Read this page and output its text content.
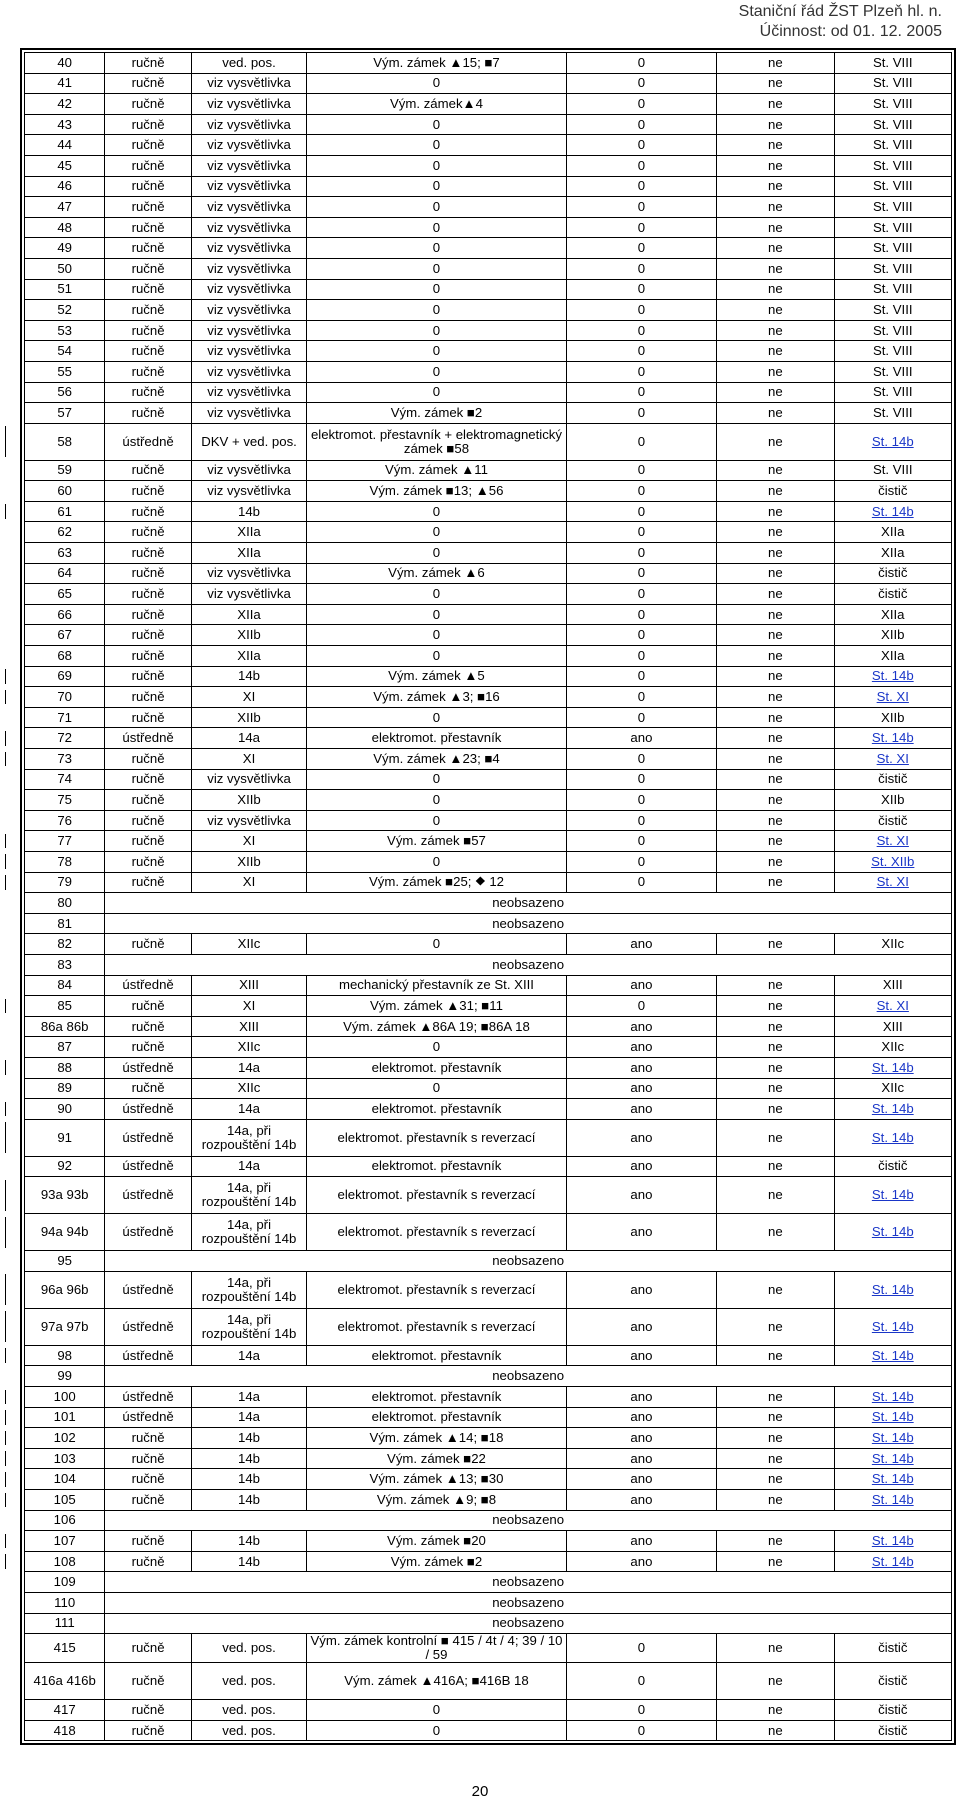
Staniční řád ŽST Plzeň hl. n.
Účinnost: od 01. 12. 2005
40	ručně	ved. pos.	Vým. zámek ▲15; ■7	0	ne	St. VIII
41	ručně	viz vysvětlivka	0	0	ne	St. VIII
42	ručně	viz vysvětlivka	Vým. zámek▲4	0	ne	St. VIII
43	ručně	viz vysvětlivka	0	0	ne	St. VIII
44	ručně	viz vysvětlivka	0	0	ne	St. VIII
45	ručně	viz vysvětlivka	0	0	ne	St. VIII
46	ručně	viz vysvětlivka	0	0	ne	St. VIII
47	ručně	viz vysvětlivka	0	0	ne	St. VIII
48	ručně	viz vysvětlivka	0	0	ne	St. VIII
49	ručně	viz vysvětlivka	0	0	ne	St. VIII
50	ručně	viz vysvětlivka	0	0	ne	St. VIII
51	ručně	viz vysvětlivka	0	0	ne	St. VIII
52	ručně	viz vysvětlivka	0	0	ne	St. VIII
53	ručně	viz vysvětlivka	0	0	ne	St. VIII
54	ručně	viz vysvětlivka	0	0	ne	St. VIII
55	ručně	viz vysvětlivka	0	0	ne	St. VIII
56	ručně	viz vysvětlivka	0	0	ne	St. VIII
57	ručně	viz vysvětlivka	Vým. zámek ■2	0	ne	St. VIII
58	ústředně	DKV + ved. pos.	elektromot. přestavník + elektromagnetický zámek ■58	0	ne	St. 14b
59	ručně	viz vysvětlivka	Vým. zámek ▲11	0	ne	St. VIII
60	ručně	viz vysvětlivka	Vým. zámek ■13; ▲56	0	ne	čistič
61	ručně	14b	0	0	ne	St. 14b
62	ručně	XIIa	0	0	ne	XIIa
63	ručně	XIIa	0	0	ne	XIIa
64	ručně	viz vysvětlivka	Vým. zámek ▲6	0	ne	čistič
65	ručně	viz vysvětlivka	0	0	ne	čistič
66	ručně	XIIa	0	0	ne	XIIa
67	ručně	XIIb	0	0	ne	XIIb
68	ručně	XIIa	0	0	ne	XIIa
69	ručně	14b	Vým. zámek ▲5	0	ne	St. 14b
70	ručně	XI	Vým. zámek ▲3; ■16	0	ne	St. XI
71	ručně	XIIb	0	0	ne	XIIb
72	ústředně	14a	elektromot. přestavník	ano	ne	St. 14b
73	ručně	XI	Vým. zámek ▲23; ■4	0	ne	St. XI
74	ručně	viz vysvětlivka	0	0	ne	čistič
75	ručně	XIIb	0	0	ne	XIIb
76	ručně	viz vysvětlivka	0	0	ne	čistič
77	ručně	XI	Vým. zámek ■57	0	ne	St. XI
78	ručně	XIIb	0	0	ne	St. XIIb
79	ručně	XI	Vým. zámek ■25; ⯁ 12	0	ne	St. XI
80	neobsazeno					
81	neobsazeno					
82	ručně	XIIc	0	ano	ne	XIIc
83	neobsazeno					
84	ústředně	XIII	mechanický přestavník ze St. XIII	ano	ne	XIII
85	ručně	XI	Vým. zámek ▲31; ■11	0	ne	St. XI
86a 86b	ručně	XIII	Vým. zámek ▲86A 19; ■86A 18	ano	ne	XIII
87	ručně	XIIc	0	ano	ne	XIIc
88	ústředně	14a	elektromot. přestavník	ano	ne	St. 14b
89	ručně	XIIc	0	ano	ne	XIIc
90	ústředně	14a	elektromot. přestavník	ano	ne	St. 14b
91	ústředně	14a, při rozpouštění 14b	elektromot. přestavník s reverzací	ano	ne	St. 14b
92	ústředně	14a	elektromot. přestavník	ano	ne	čistič
93a 93b	ústředně	14a, při rozpouštění 14b	elektromot. přestavník s reverzací	ano	ne	St. 14b
94a 94b	ústředně	14a, při rozpouštění 14b	elektromot. přestavník s reverzací	ano	ne	St. 14b
95	neobsazeno					
96a 96b	ústředně	14a, při rozpouštění 14b	elektromot. přestavník s reverzací	ano	ne	St. 14b
97a 97b	ústředně	14a, při rozpouštění 14b	elektromot. přestavník s reverzací	ano	ne	St. 14b
98	ústředně	14a	elektromot. přestavník	ano	ne	St. 14b
99	neobsazeno					
100	ústředně	14a	elektromot. přestavník	ano	ne	St. 14b
101	ústředně	14a	elektromot. přestavník	ano	ne	St. 14b
102	ručně	14b	Vým. zámek ▲14; ■18	ano	ne	St. 14b
103	ručně	14b	Vým. zámek ■22	ano	ne	St. 14b
104	ručně	14b	Vým. zámek ▲13; ■30	ano	ne	St. 14b
105	ručně	14b	Vým. zámek ▲9; ■8	ano	ne	St. 14b
106	neobsazeno					
107	ručně	14b	Vým. zámek ■20	ano	ne	St. 14b
108	ručně	14b	Vým. zámek ■2	ano	ne	St. 14b
109	neobsazeno					
110	neobsazeno					
111	neobsazeno					
415	ručně	ved. pos.	Vým. zámek kontrolní ■ 415 / 4t / 4; 39 / 10 / 59	0	ne	čistič
416a 416b	ručně	ved. pos.	Vým. zámek ▲416A; ■416B 18	0	ne	čistič
417	ručně	ved. pos.	0	0	ne	čistič
418	ručně	ved. pos.	0	0	ne	čistič
20
